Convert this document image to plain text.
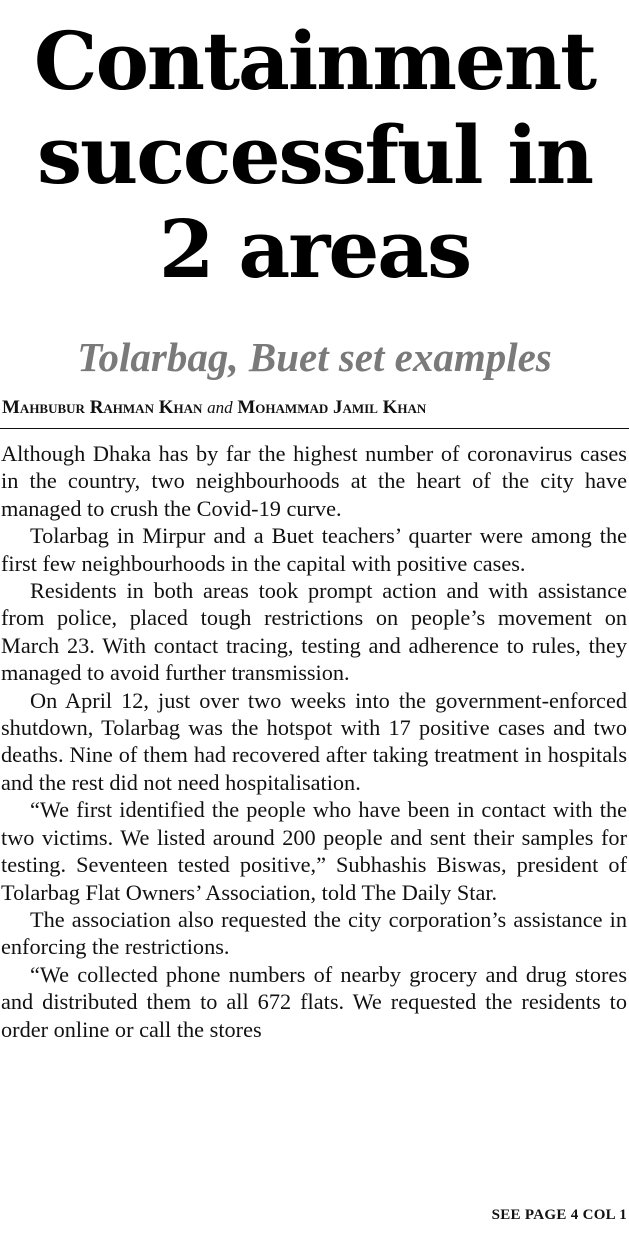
Containment
successful in
2 areas
Tolarbag, Buet set examples
Mahbubur Rahman Khan and Mohammad Jamil Khan

Although Dhaka has by far the highest number of coronavirus cases in the country, two neighbourhoods at the heart of the city have managed to crush the Covid-19 curve.

Tolarbag in Mirpur and a Buet teachers’ quarter were among the first few neighbourhoods in the capital with positive cases.

Residents in both areas took prompt action and with assistance from police, placed tough restrictions on people’s movement on March 23. With contact tracing, testing and adherence to rules, they managed to avoid further transmission.

On April 12, just over two weeks into the government-enforced shutdown, Tolarbag was the hotspot with 17 positive cases and two deaths. Nine of them had recovered after taking treatment in hospitals and the rest did not need hospitalisation.

“We first identified the people who have been in contact with the two victims. We listed around 200 people and sent their samples for testing. Seventeen tested positive,” Subhashis Biswas, president of Tolarbag Flat Owners’ Association, told The Daily Star.

The association also requested the city corporation’s assistance in enforcing the restrictions.

“We collected phone numbers of nearby grocery and drug stores and distributed them to all 672 flats. We requested the residents to order online or call the stores

SEE PAGE 4 COL 1
